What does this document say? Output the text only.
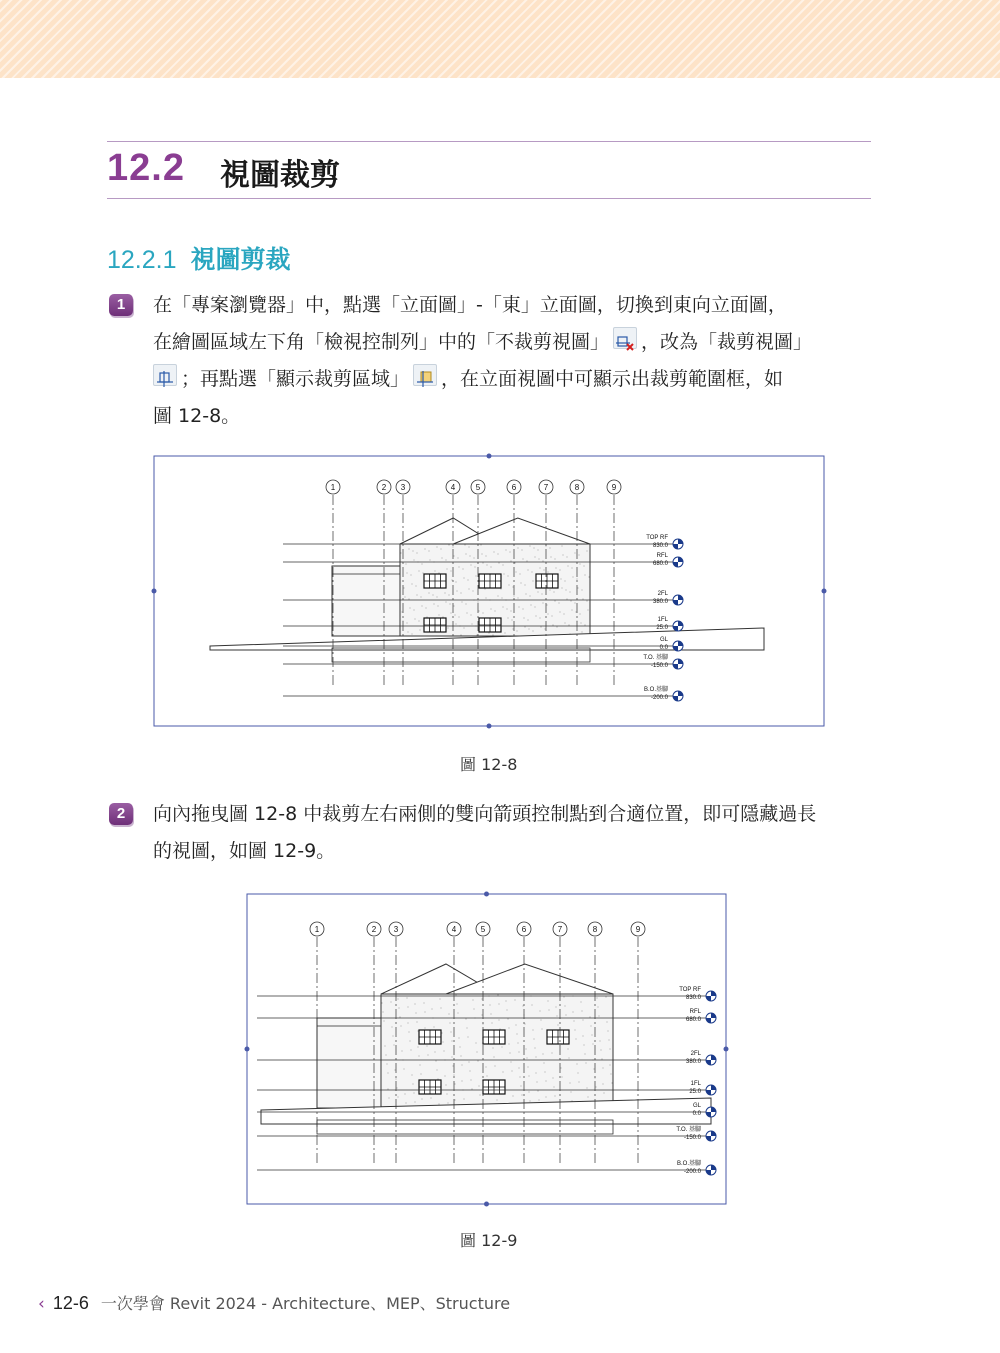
12.2 視圖裁剪
12.2.1 視圖剪裁
1	在「專案瀏覽器」中，點選「立面圖」-「東」立面圖，切換到東向立面圖，
在繪圖區域左下角「檢視控制列」中的「不裁剪視圖」 ，改為「裁剪視圖」
；再點選「顯示裁剪區域」 ，在立面視圖中可顯示出裁剪範圍框，如
圖 12-8。
TOP RF
830.0
RFL
680.0
2FL
380.0
1FL
25.0
GL
0.0
T.O. 基腳
-150.0
B.O.基腳
-200.0
1	2 3	4	5	6	7	8	9
圖 12-8
2	向內拖曳圖 12-8 中裁剪左右兩側的雙向箭頭控制點到合適位置，即可隱藏過長
的視圖，如圖 12-9。
TOP RF
830.0
RFL
680.0
2FL
380.0
1FL
25.0
GL
0.0
T.O. 基腳
-150.0
B.O.基腳
-200.0
1	2 3	4	5	6	7	8	9
圖 12-9
‹ 12-6 一次學會 Revit 2024 - Architecture、MEP、Structure
